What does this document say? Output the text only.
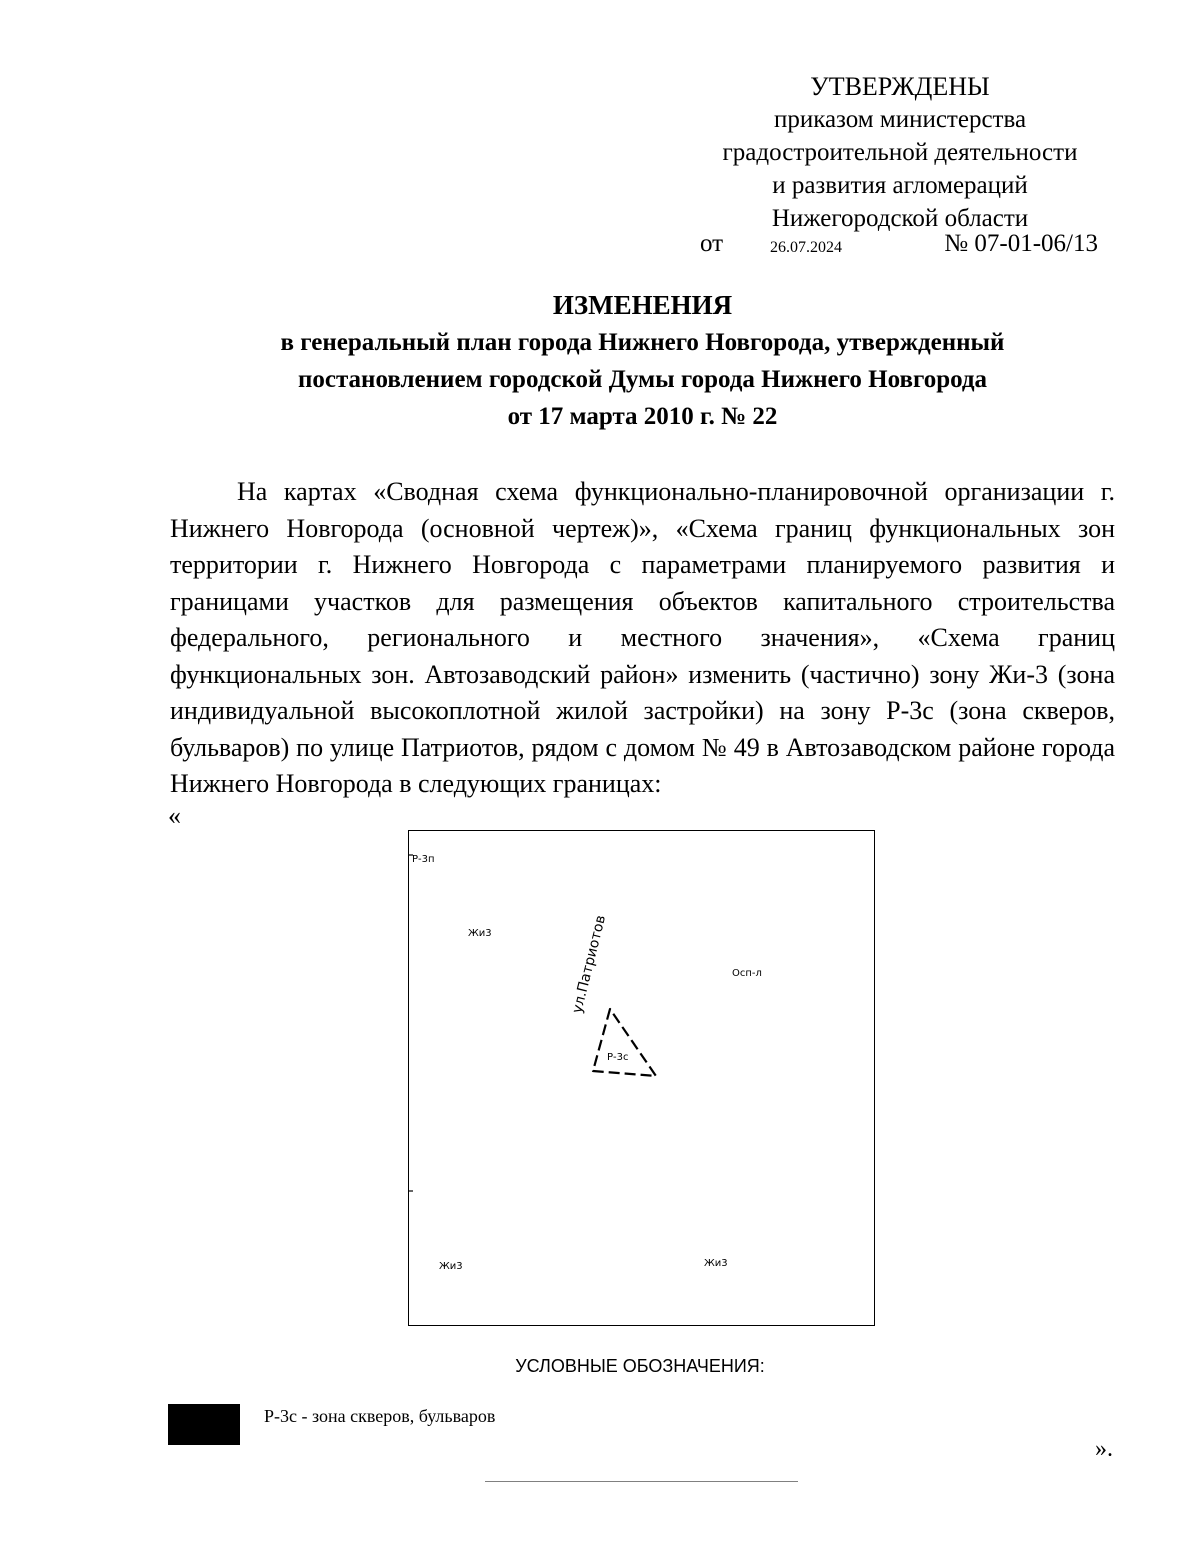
УТВЕРЖДЕНЫ
приказом министерства
градостроительной деятельности
и развития агломераций
Нижегородской области
от	26.07.2024	№ 07-01-06/13
ИЗМЕНЕНИЯ
в генеральный план города Нижнего Новгорода, утвержденный
постановлением городской Думы города Нижнего Новгорода
от 17 марта 2010 г. № 22

На картах «Сводная схема функционально-планировочной организации г. Нижнего Новгорода (основной чертеж)», «Схема границ функциональных зон территории г. Нижнего Новгорода с параметрами планируемого развития и границами участков для размещения объектов капитального строительства федерального, регионального и местного значения», «Схема границ функциональных зон. Автозаводский район» изменить (частично) зону Жи-3 (зона индивидуальной высокоплотной жилой застройки) на зону Р-3с (зона скверов, бульваров) по улице Патриотов, рядом с домом № 49 в Автозаводском районе города Нижнего Новгорода в следующих границах:

«
Р-3п
Жи3	ул.Патриотов	Осп-л
Р-3с
Жи3	Жи3
УСЛОВНЫЕ ОБОЗНАЧЕНИЯ:
Р-3с - зона скверов, бульваров
».
